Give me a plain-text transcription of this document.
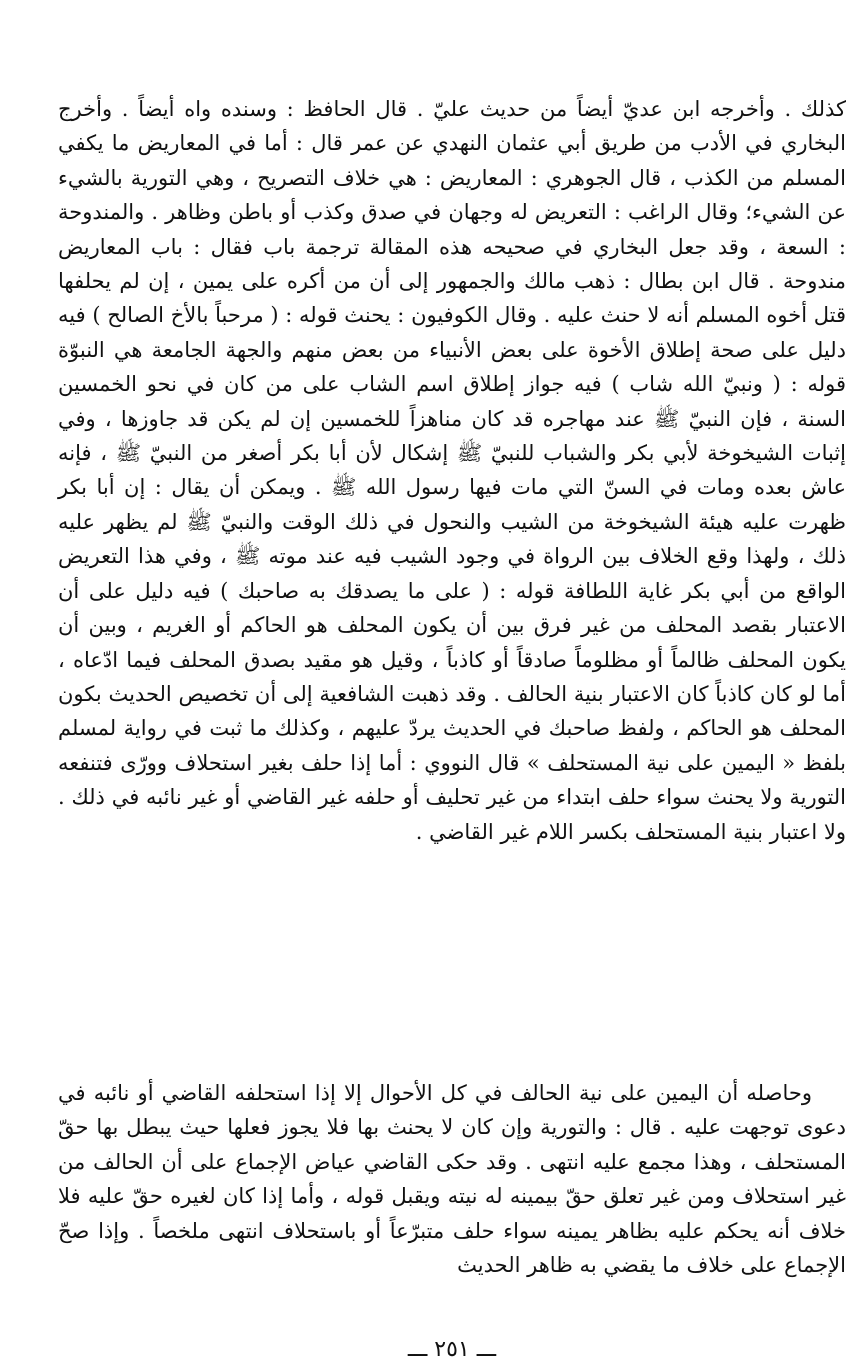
كذلك . وأخرجه ابن عديّ أيضاً من حديث عليّ . قال الحافظ : وسنده واه أيضاً . وأخرج البخاري في الأدب من طريق أبي عثمان النهدي عن عمر قال : أما في المعاريض ما يكفي المسلم من الكذب ، قال الجوهري : المعاريض : هي خلاف التصريح ، وهي التورية بالشيء عن الشيء؛ وقال الراغب : التعريض له وجهان في صدق وكذب أو باطن وظاهر . والمندوحة : السعة ، وقد جعل البخاري في صحيحه هذه المقالة ترجمة باب فقال : باب المعاريض مندوحة . قال ابن بطال : ذهب مالك والجمهور إلى أن من أكره على يمين ، إن لم يحلفها قتل أخوه المسلم أنه لا حنث عليه . وقال الكوفيون : يحنث قوله : ( مرحباً بالأخ الصالح ) فيه دليل على صحة إطلاق الأخوة على بعض الأنبياء من بعض منهم والجهة الجامعة هي النبوّة قوله : ( ونبيّ الله شاب ) فيه جواز إطلاق اسم الشاب على من كان في نحو الخمسين السنة ، فإن النبيّ ﷺ عند مهاجره قد كان مناهزاً للخمسين إن لم يكن قد جاوزها ، وفي إثبات الشيخوخة لأبي بكر والشباب للنبيّ ﷺ إشكال لأن أبا بكر أصغر من النبيّ ﷺ ، فإنه عاش بعده ومات في السنّ التي مات فيها رسول الله ﷺ . ويمكن أن يقال : إن أبا بكر ظهرت عليه هيئة الشيخوخة من الشيب والنحول في ذلك الوقت والنبيّ ﷺ لم يظهر عليه ذلك ، ولهذا وقع الخلاف بين الرواة في وجود الشيب فيه عند موته ﷺ ، وفي هذا التعريض الواقع من أبي بكر غاية اللطافة قوله : ( على ما يصدقك به صاحبك ) فيه دليل على أن الاعتبار بقصد المحلف من غير فرق بين أن يكون المحلف هو الحاكم أو الغريم ، وبين أن يكون المحلف ظالماً أو مظلوماً صادقاً أو كاذباً ، وقيل هو مقيد بصدق المحلف فيما ادّعاه ، أما لو كان كاذباً كان الاعتبار بنية الحالف . وقد ذهبت الشافعية إلى أن تخصيص الحديث بكون المحلف هو الحاكم ، ولفظ صاحبك في الحديث يردّ عليهم ، وكذلك ما ثبت في رواية لمسلم بلفظ « اليمين على نية المستحلف » قال النووي : أما إذا حلف بغير استحلاف وورّى فتنفعه التورية ولا يحنث سواء حلف ابتداء من غير تحليف أو حلفه غير القاضي أو غير نائبه في ذلك . ولا اعتبار بنية المستحلف بكسر اللام غير القاضي .

وحاصله أن اليمين على نية الحالف في كل الأحوال إلا إذا استحلفه القاضي أو نائبه في دعوى توجهت عليه . قال : والتورية وإن كان لا يحنث بها فلا يجوز فعلها حيث يبطل بها حقّ المستحلف ، وهذا مجمع عليه انتهى . وقد حكى القاضي عياض الإجماع على أن الحالف من غير استحلاف ومن غير تعلق حقّ بيمينه له نيته ويقبل قوله ، وأما إذا كان لغيره حقّ عليه فلا خلاف أنه يحكم عليه بظاهر يمينه سواء حلف متبرّعاً أو باستحلاف انتهى ملخصاً . وإذا صحّ الإجماع على خلاف ما يقضي به ظاهر الحديث

ـــ ٢٥١ ـــ
